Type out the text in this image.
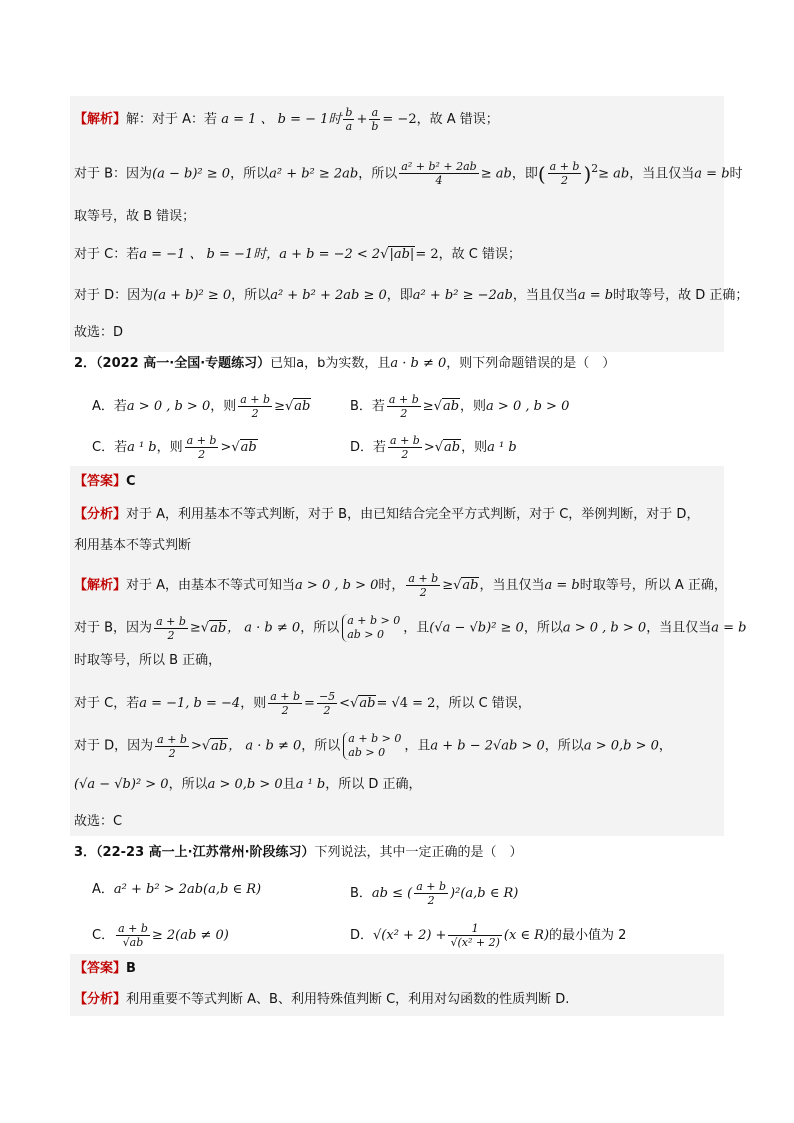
【解析】解：对于 A：若 a = 1 、 b = − 1时 $\frac{b}{a} + \frac{a}{b} = -2$，故 A 错误；
对于 B：因为(a − b)² ≥ 0，所以a² + b² ≥ 2ab，所以 $\frac{\text{a² + b² + 2ab}}{4}$ ≥ ab，即( $\frac{a + b}{2} )^2\ge$ ab，当且仅当a = b时
取等号，故 B 错误；
对于 C：若a = −1 、 b = −1时，a + b = −2 < 2√|ab|= 2，故 C 错误；
对于 D：因为(a + b)² ≥ 0，所以a² + b² + 2ab ≥ 0，即a² + b² ≥ −2ab，当且仅当a = b时取等号，故 D 正确；
故选：D
2．（2022 高一·全国·专题练习）已知a，b为实数，且a · b ≠ 0，则下列命题错误的是（　）
A．若a > 0 , b > 0，则 $\frac{a + b}{2} \ge√ab$	B．若 $\frac{a + b}{2} \ge√ab$，则a > 0 , b > 0
C．若a ¹ b，则 $\frac{a + b}{2} >√ab$	D．若 $\frac{a + b}{2} >√ab$，则a ¹ b
【答案】C
【分析】对于 A，利用基本不等式判断，对于 B，由已知结合完全平方式判断，对于 C，举例判断，对于 D，
利用基本不等式判断
【解析】对于 A，由基本不等式可知当a > 0 , b > 0时， $\frac{a + b}{2} \ge√ab$，当且仅当a = b时取等号，所以 A 正确，
对于 B，因为 $\frac{a + b}{2} \ge√ab$， a · b ≠ 0，所以 a + b > 0
ab > 0	，且(√a − √b)² ≥ 0，所以a > 0 , b > 0，当且仅当a = b
时取等号，所以 B 正确，
对于 C，若a = −1, b = −4，则 $\frac{a + b}{2} = \frac{-5}{2} <√ab= √4 = 2$，所以 C 错误，
对于 D，因为 $\frac{a + b}{2} >√ab$， a · b ≠ 0，所以 a + b > 0
ab > 0	，且a + b − 2√ab > 0，所以a > 0,b > 0，
(√a − √b)² > 0，所以a > 0,b > 0且a ¹ b，所以 D 正确，
故选：C
3．（22-23 高一上·江苏常州·阶段练习）下列说法，其中一定正确的是（　）
A．a² + b² > 2ab(a,b ∈ R)	B．ab ≤ ( $\frac{a + b}{2} )^2(a,b$ ∈ R)
C． $\frac{a + b}{√ab} \ge 2(ab \ne 0)$	D．$√(x^2 + 2) + \frac{1}{\text{√(x² + 2)}} (x$ ∈ R)的最小值为 2
【答案】B
【分析】利用重要不等式判断 A、B、利用特殊值判断 C，利用对勾函数的性质判断 D.
